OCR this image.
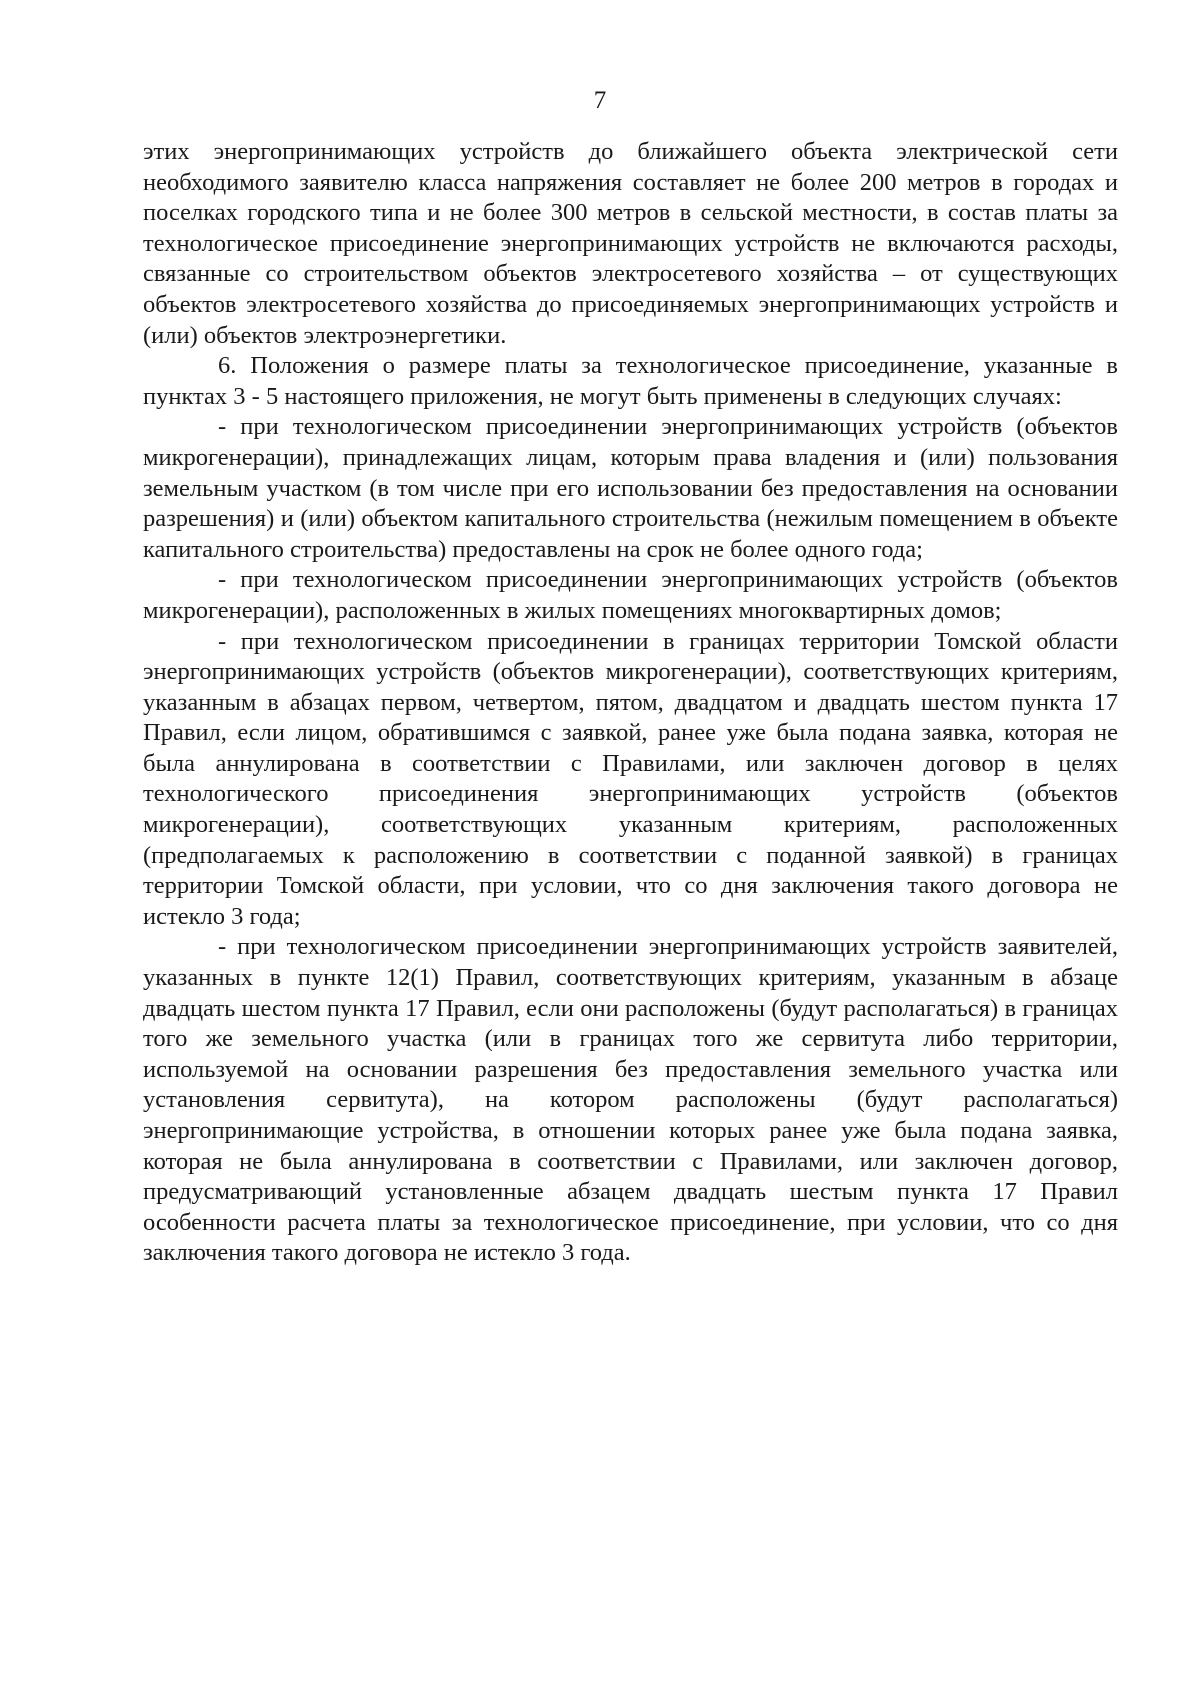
7

этих энергопринимающих устройств до ближайшего объекта электрической сети необходимого заявителю класса напряжения составляет не более 200 метров в городах и поселках городского типа и не более 300 метров в сельской местности, в состав платы за технологическое присоединение энергопринимающих устройств не включаются расходы, связанные со строительством объектов электросетевого хозяйства – от существующих объектов электросетевого хозяйства до присоединяемых энергопринимающих устройств и (или) объектов электроэнергетики.

6. Положения о размере платы за технологическое присоединение, указанные в пунктах 3 - 5 настоящего приложения, не могут быть применены в следующих случаях:

- при технологическом присоединении энергопринимающих устройств (объектов микрогенерации), принадлежащих лицам, которым права владения и (или) пользования земельным участком (в том числе при его использовании без предоставления на основании разрешения) и (или) объектом капитального строительства (нежилым помещением в объекте капитального строительства) предоставлены на срок не более одного года;

- при технологическом присоединении энергопринимающих устройств (объектов микрогенерации), расположенных в жилых помещениях многоквартирных домов;

- при технологическом присоединении в границах территории Томской области энергопринимающих устройств (объектов микрогенерации), соответствующих критериям, указанным в абзацах первом, четвертом, пятом, двадцатом и двадцать шестом пункта 17 Правил, если лицом, обратившимся с заявкой, ранее уже была подана заявка, которая не была аннулирована в соответствии с Правилами, или заключен договор в целях технологического присоединения энергопринимающих устройств (объектов микрогенерации), соответствующих указанным критериям, расположенных (предполагаемых к расположению в соответствии с поданной заявкой) в границах территории Томской области, при условии, что со дня заключения такого договора не истекло 3 года;

- при технологическом присоединении энергопринимающих устройств заявителей, указанных в пункте 12(1) Правил, соответствующих критериям, указанным в абзаце двадцать шестом пункта 17 Правил, если они расположены (будут располагаться) в границах того же земельного участка (или в границах того же сервитута либо территории, используемой на основании разрешения без предоставления земельного участка или установления сервитута), на котором расположены (будут располагаться) энергопринимающие устройства, в отношении которых ранее уже была подана заявка, которая не была аннулирована в соответствии с Правилами, или заключен договор, предусматривающий установленные абзацем двадцать шестым пункта 17 Правил особенности расчета платы за технологическое присоединение, при условии, что со дня заключения такого договора не истекло 3 года.
